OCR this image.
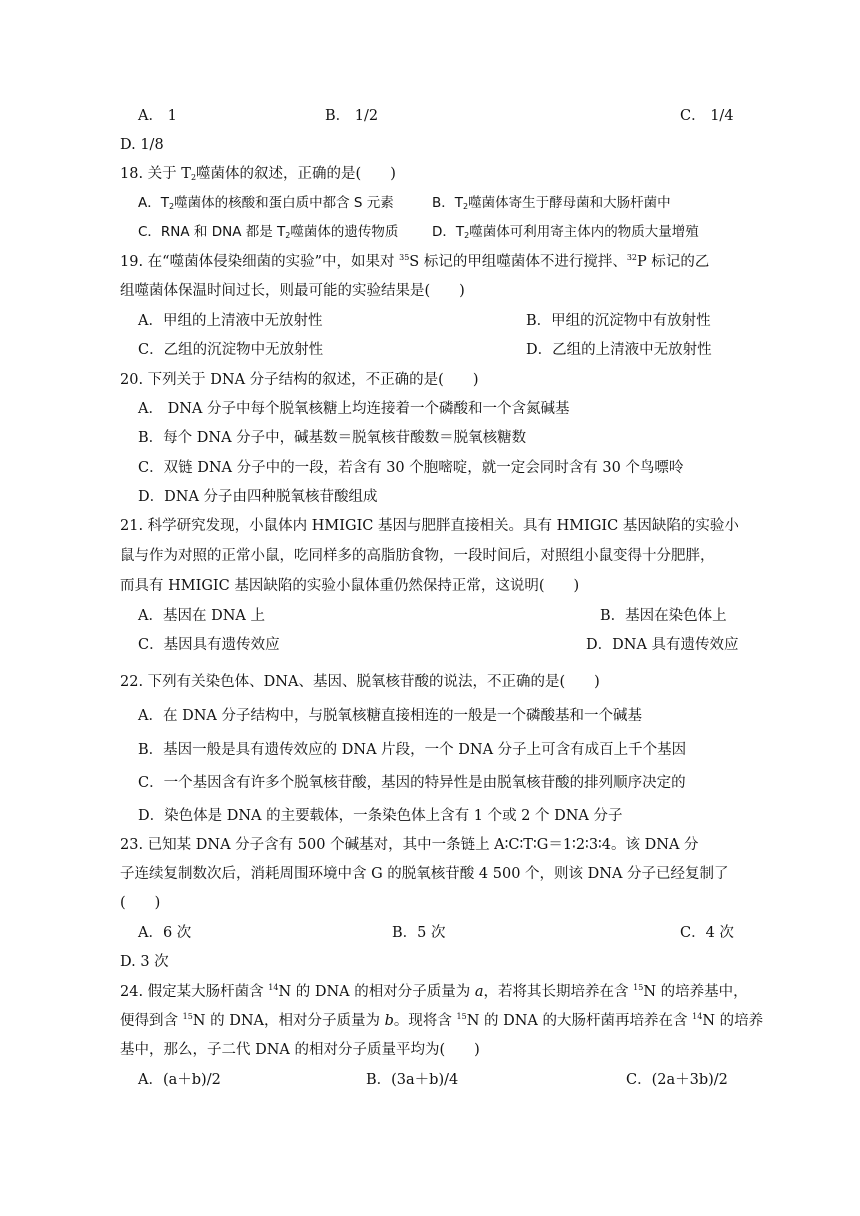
A． 1	B． 1/2	C． 1/4
D. 1/8
18. 关于 $T_2$噬菌体的叙述，正确的是(　　)
A．$T_2$噬菌体的核酸和蛋白质中都含 S 元素	B．$T_2$噬菌体寄生于酵母菌和大肠杆菌中
C．RNA 和 DNA 都是 $T_2$噬菌体的遗传物质 D．$T_2$噬菌体可利用寄主体内的物质大量增殖
19. 在“噬菌体侵染细菌的实验”中，如果对 $^{35}$S 标记的甲组噬菌体不进行搅拌、$^{32}$P 标记的乙
组噬菌体保温时间过长，则最可能的实验结果是(　　)
A．甲组的上清液中无放射性	B．甲组的沉淀物中有放射性
C．乙组的沉淀物中无放射性	D．乙组的上清液中无放射性
20. 下列关于 DNA 分子结构的叙述，不正确的是(　　)
A． DNA 分子中每个脱氧核糖上均连接着一个磷酸和一个含氮碱基
B．每个 DNA 分子中，碱基数＝脱氧核苷酸数＝脱氧核糖数
C．双链 DNA 分子中的一段，若含有 30 个胞嘧啶，就一定会同时含有 30 个鸟嘌呤
D．DNA 分子由四种脱氧核苷酸组成
21. 科学研究发现，小鼠体内 HMIGIC 基因与肥胖直接相关。具有 HMIGIC 基因缺陷的实验小
鼠与作为对照的正常小鼠，吃同样多的高脂肪食物，一段时间后，对照组小鼠变得十分肥胖，
而具有 HMIGIC 基因缺陷的实验小鼠体重仍然保持正常，这说明(　　)
A．基因在 DNA 上	B．基因在染色体上
C．基因具有遗传效应	D．DNA 具有遗传效应
22. 下列有关染色体、DNA、基因、脱氧核苷酸的说法，不正确的是(　　)
A．在 DNA 分子结构中，与脱氧核糖直接相连的一般是一个磷酸基和一个碱基
B．基因一般是具有遗传效应的 DNA 片段，一个 DNA 分子上可含有成百上千个基因
C．一个基因含有许多个脱氧核苷酸，基因的特异性是由脱氧核苷酸的排列顺序决定的
D．染色体是 DNA 的主要载体，一条染色体上含有 1 个或 2 个 DNA 分子
23. 已知某 DNA 分子含有 500 个碱基对，其中一条链上 A∶C∶T∶G＝1∶2∶3∶4。该 DNA 分
子连续复制数次后，消耗周围环境中含 G 的脱氧核苷酸 4 500 个，则该 DNA 分子已经复制了
(　　)
A．6 次	B．5 次	C．4 次
D. 3 次
24. 假定某大肠杆菌含 $^{14}$N 的 DNA 的相对分子质量为 a，若将其长期培养在含 $^{15}$N 的培养基中，
便得到含 $^{15}$N 的 DNA，相对分子质量为 b。现将含 $^{15}$N 的 DNA 的大肠杆菌再培养在含 $^{14}$N 的培养
基中，那么，子二代 DNA 的相对分子质量平均为(　　)
A．(a＋b)/2	B．(3a＋b)/4	C．(2a＋3b)/2
